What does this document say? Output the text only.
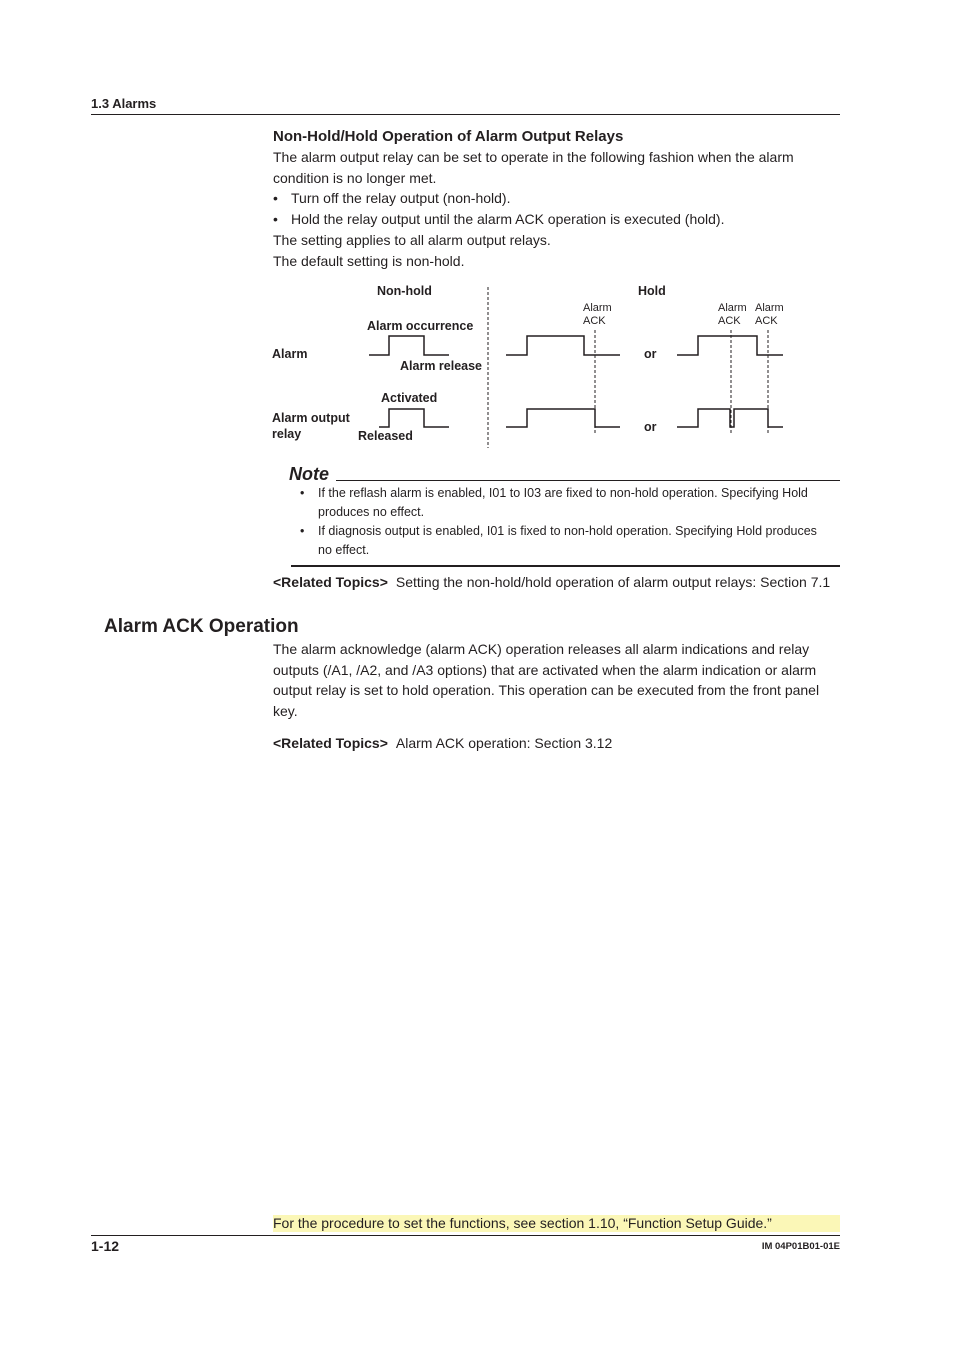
1.3 Alarms
Non-Hold/Hold Operation of Alarm Output Relays
The alarm output relay can be set to operate in the following fashion when the alarm
condition is no longer met.
• Turn off the relay output (non-hold).
• Hold the relay output until the alarm ACK operation is executed (hold).
The setting applies to all alarm output relays.
The default setting is non-hold.
Non-hold	Hold
Alarm occurrence
Alarm
Alarm release
Activated
Alarm output
relay	Released
or
or
Alarm
ACK
Alarm
ACK
Alarm
ACK
Note
• If the reflash alarm is enabled, I01 to I03 are fixed to non-hold operation. Specifying Hold
produces no effect.
• If diagnosis output is enabled, I01 is fixed to non-hold operation. Specifying Hold produces
no effect.
<Related Topics> Setting the non-hold/hold operation of alarm output relays: Section 7.1
Alarm ACK Operation
The alarm acknowledge (alarm ACK) operation releases all alarm indications and relay
outputs (/A1, /A2, and /A3 options) that are activated when the alarm indication or alarm
output relay is set to hold operation. This operation can be executed from the front panel
key.
<Related Topics> Alarm ACK operation: Section 3.12
For the procedure to set the functions, see section 1.10, “Function Setup Guide.”
1-12	IM 04P01B01-01E
